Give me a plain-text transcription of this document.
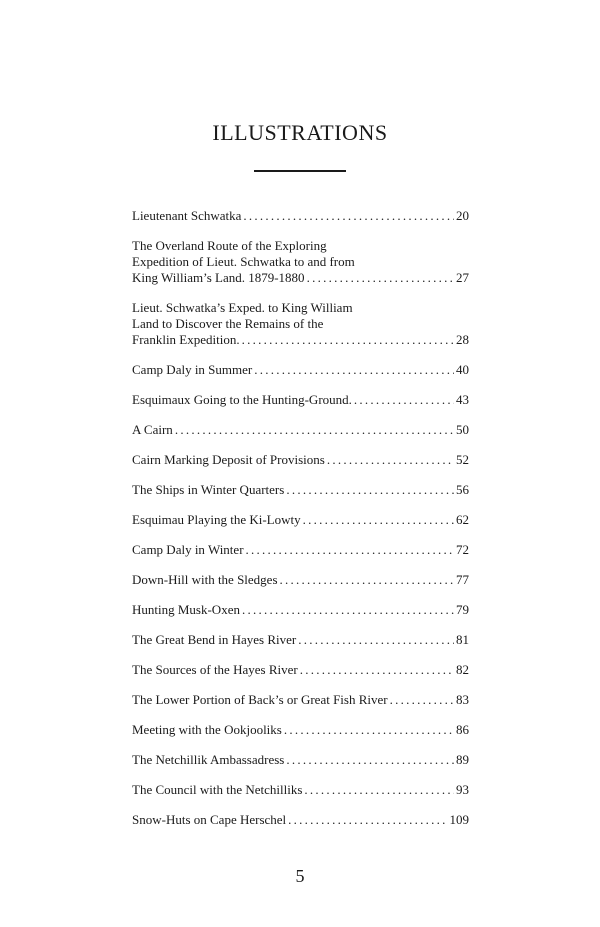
ILLUSTRATIONS
Lieutenant Schwatka . . .	20
The Overland Route of the Exploring
Expedition of Lieut. Schwatka to and from
King William’s Land. 1879-1880 . . .	27
Lieut. Schwatka’s Exped. to King William
Land to Discover the Remains of the
Franklin Expedition. . . .	28
Camp Daly in Summer . . .	40
Esquimaux Going to the Hunting-Ground. . . .	43
A Cairn . . .	50
Cairn Marking Deposit of Provisions . . .	52
The Ships in Winter Quarters . . .	56
Esquimau Playing the Ki-Lowty . . .	62
Camp Daly in Winter . . .	72
Down-Hill with the Sledges . . .	77
Hunting Musk-Oxen . . .	79
The Great Bend in Hayes River . . .	81
The Sources of the Hayes River . . .	82
The Lower Portion of Back’s or Great Fish River . . .	83
Meeting with the Ookjooliks . . .	86
The Netchillik Ambassadress . . .	89
The Council with the Netchilliks . . .	93
Snow-Huts on Cape Herschel . . .	109
5
